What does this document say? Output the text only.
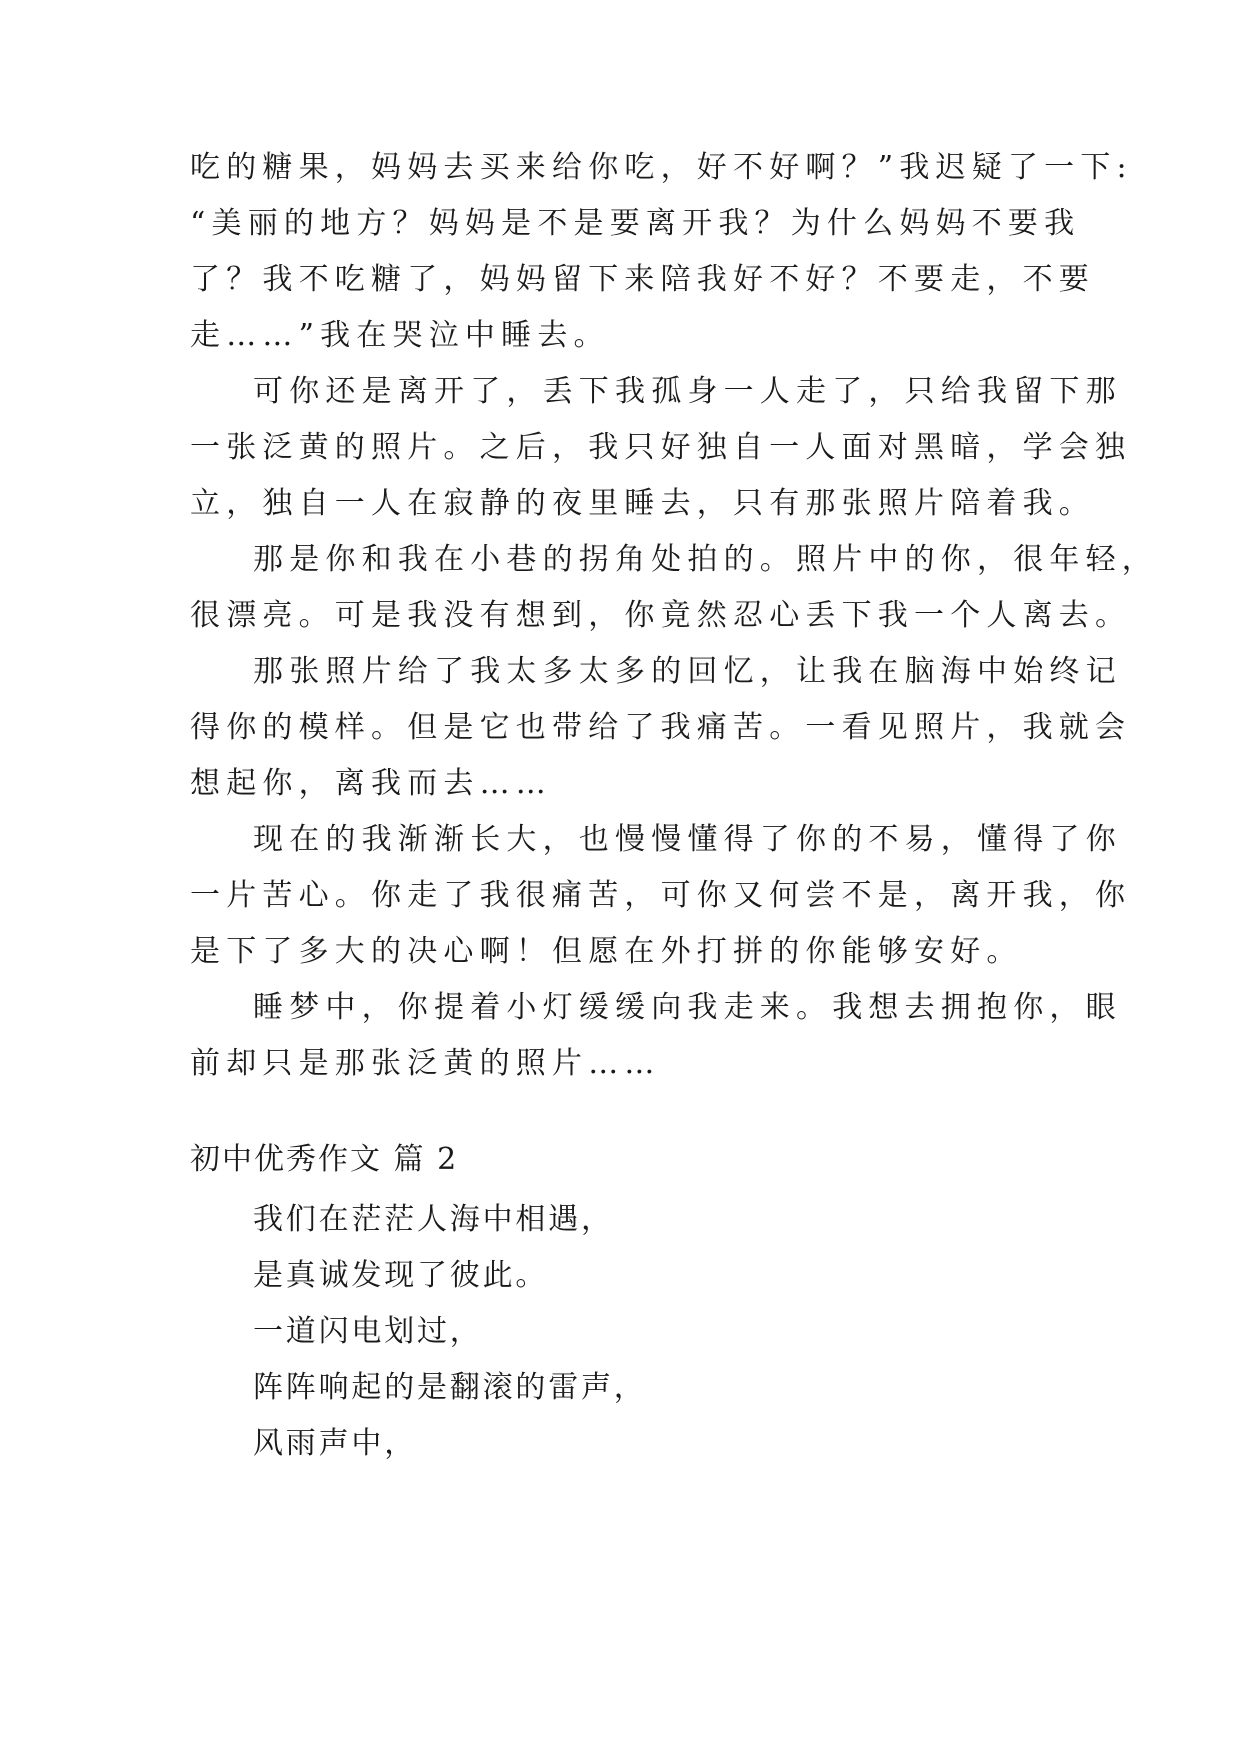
吃的糖果，妈妈去买来给你吃，好不好啊？”我迟疑了一下:
“美丽的地方？妈妈是不是要离开我？为什么妈妈不要我
了？我不吃糖了，妈妈留下来陪我好不好？不要走，不要
走……”我在哭泣中睡去。
可你还是离开了，丢下我孤身一人走了，只给我留下那
一张泛黄的照片。之后，我只好独自一人面对黑暗，学会独
立，独自一人在寂静的夜里睡去，只有那张照片陪着我。
那是你和我在小巷的拐角处拍的。照片中的你，很年轻，
很漂亮。可是我没有想到，你竟然忍心丢下我一个人离去。
那张照片给了我太多太多的回忆，让我在脑海中始终记
得你的模样。但是它也带给了我痛苦。一看见照片，我就会
想起你，离我而去……
现在的我渐渐长大，也慢慢懂得了你的不易，懂得了你
一片苦心。你走了我很痛苦，可你又何尝不是，离开我，你
是下了多大的决心啊！但愿在外打拼的你能够安好。
睡梦中，你提着小灯缓缓向我走来。我想去拥抱你，眼
前却只是那张泛黄的照片……
初中优秀作文 篇 2
我们在茫茫人海中相遇，
是真诚发现了彼此。
一道闪电划过，
阵阵响起的是翻滚的雷声，
风雨声中，
